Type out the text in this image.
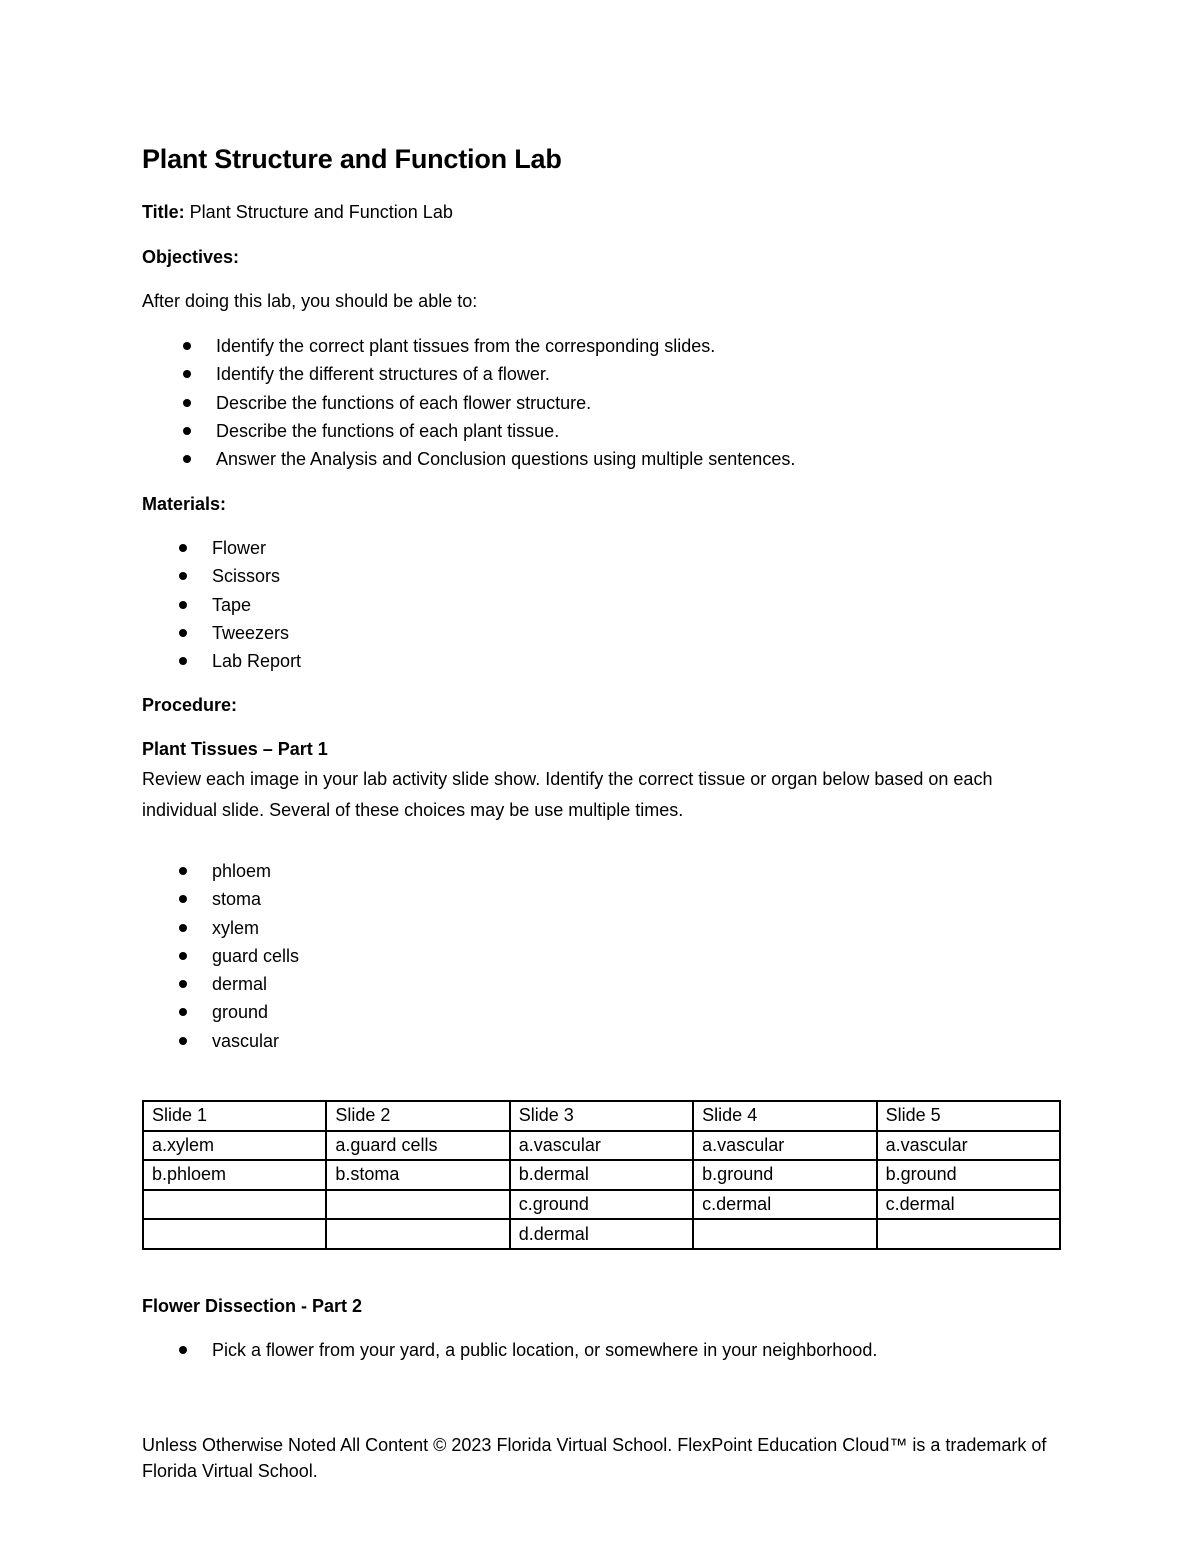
Plant Structure and Function Lab

Title: Plant Structure and Function Lab

Objectives:

After doing this lab, you should be able to:

Identify the correct plant tissues from the corresponding slides.
Identify the different structures of a flower.
Describe the functions of each flower structure.
Describe the functions of each plant tissue.
Answer the Analysis and Conclusion questions using multiple sentences.

Materials:

Flower
Scissors
Tape
Tweezers
Lab Report

Procedure:

Plant Tissues – Part 1

Review each image in your lab activity slide show. Identify the correct tissue or organ below based on each individual slide. Several of these choices may be use multiple times.

phloem
stoma
xylem
guard cells
dermal
ground
vascular
Slide 1	Slide 2	Slide 3	Slide 4	Slide 5
a.xylem	a.guard cells	a.vascular	a.vascular	a.vascular
b.phloem	b.stoma	b.dermal	b.ground	b.ground
		c.ground	c.dermal	c.dermal
		d.dermal		

Flower Dissection - Part 2

Pick a flower from your yard, a public location, or somewhere in your neighborhood.

Unless Otherwise Noted All Content © 2023 Florida Virtual School. FlexPoint Education Cloud™ is a trademark of Florida Virtual School.
